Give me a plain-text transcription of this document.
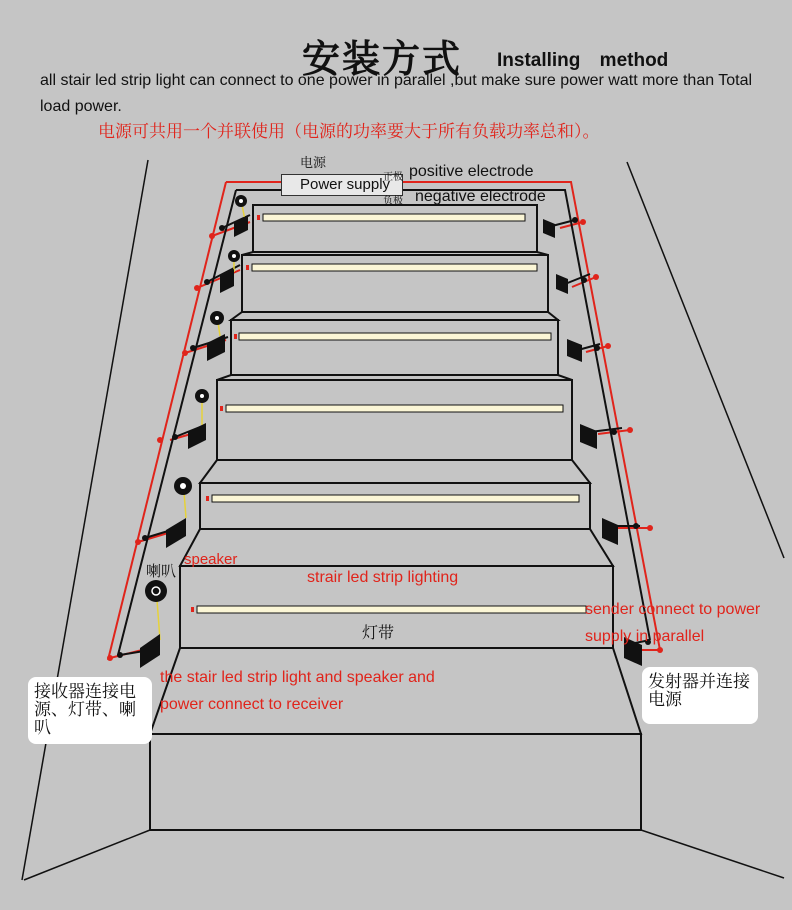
安装方式 Installing method
all stair led strip light can connect to one power in parallel ,but make sure power watt more than Total load power.
电源可共用一个并联使用（电源的功率要大于所有负载功率总和）。
电源
Power supply
正极 positive electrode
负极 negative electrode
喇叭
speaker
strair led strip lighting
灯带
sender connect to power
supply in parallel
发射器并连接电源
the stair led strip light and speaker and
power connect to receiver
接收器连接电源、灯带、喇叭
